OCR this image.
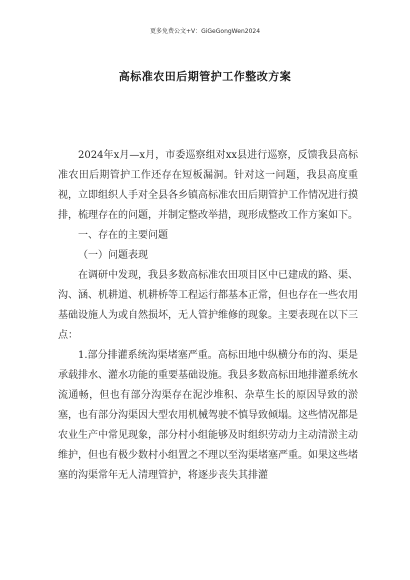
更多免费公文+V：GiGeGongWen2024
高标准农田后期管护工作整改方案

2024年x月—x月，市委巡察组对xx县进行巡察，反馈我县高标准农田后期管护工作还存在短板漏洞。针对这一问题，我县高度重视，立即组织人手对全县各乡镇高标准农田后期管护工作情况进行摸排，梳理存在的问题，并制定整改举措，现形成整改工作方案如下。

一、存在的主要问题

（一）问题表现

在调研中发现，我县多数高标准农田项目区中已建成的路、渠、沟、涵、机耕道、机耕桥等工程运行都基本正常，但也存在一些农用基础设施人为或自然损坏，无人管护维修的现象。主要表现在以下三点：

1.部分排灌系统沟渠堵塞严重。高标田地中纵横分布的沟、渠是承载排水、灌水功能的重要基础设施。我县多数高标田地排灌系统水流通畅，但也有部分沟渠存在泥沙堆积、杂草生长的原因导致的淤塞，也有部分沟渠因大型农用机械驾驶不慎导致倾塌。这些情况都是农业生产中常见现象，部分村小组能够及时组织劳动力主动清淤主动维护，但也有极少数村小组置之不理以至沟渠堵塞严重。如果这些堵塞的沟渠常年无人清理管护，将逐步丧失其排灌
